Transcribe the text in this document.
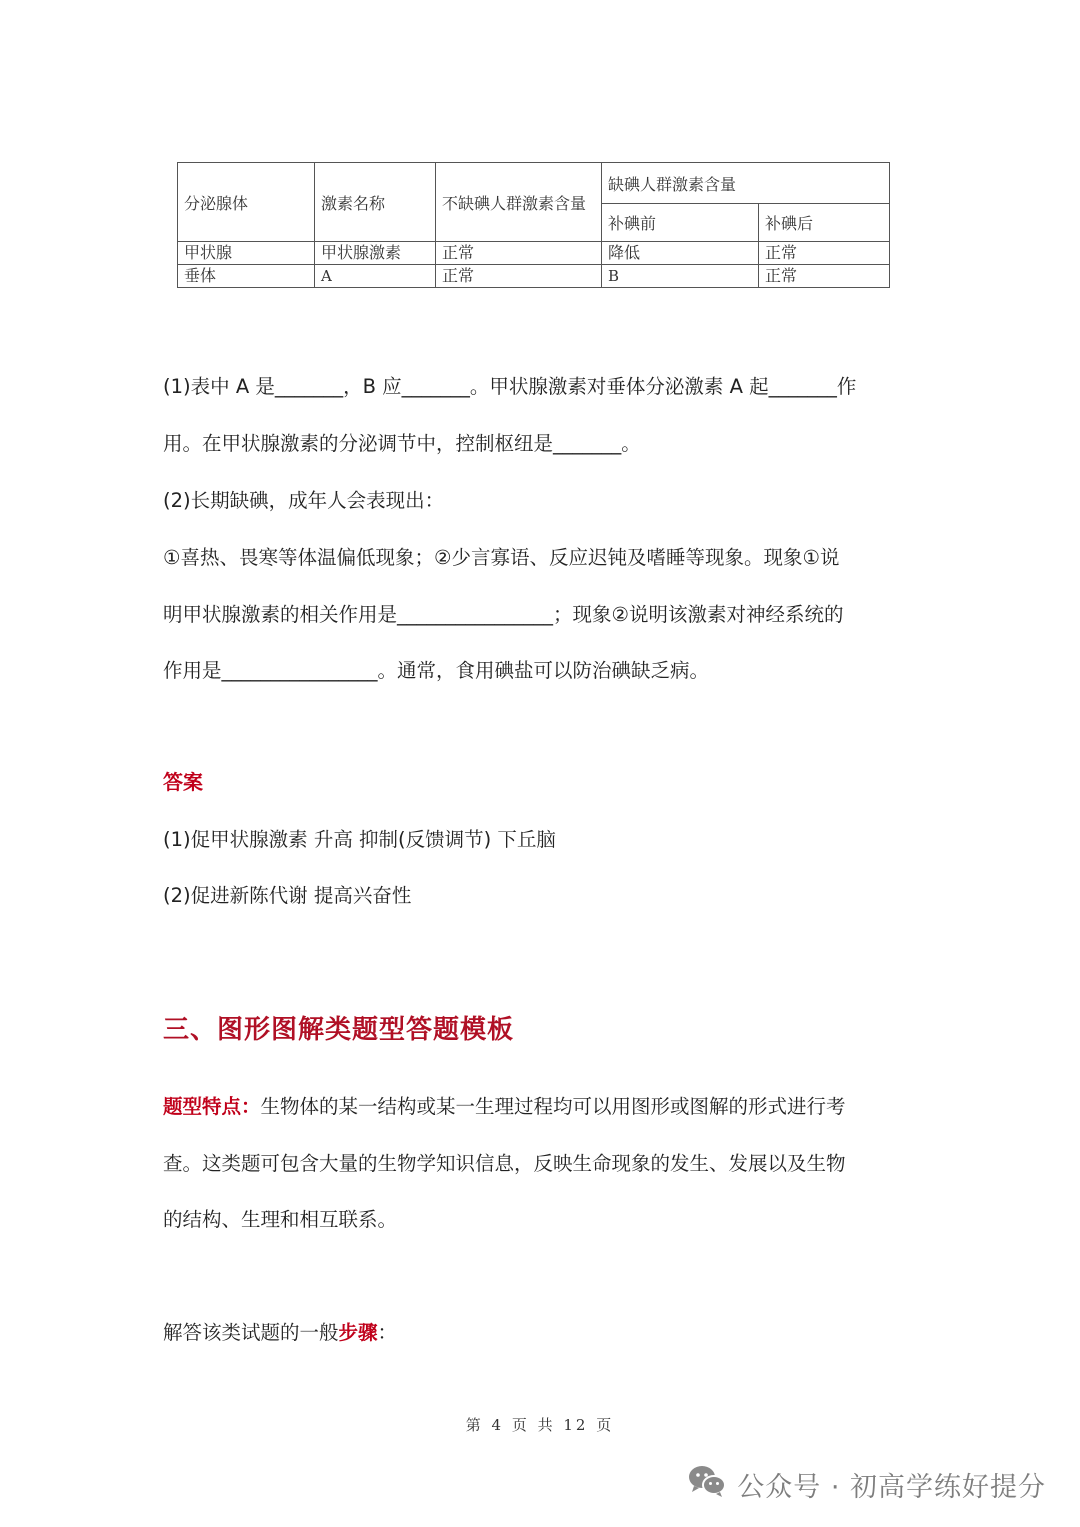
分泌腺体	激素名称	不缺碘人群激素含量	缺碘人群激素含量	
			补碘前	补碘后
甲状腺	甲状腺激素	正常	降低	正常
垂体	A	正常	B	正常

(1)表中 A 是_______，B 应_______。甲状腺激素对垂体分泌激素 A 起_______作

用。在甲状腺激素的分泌调节中，控制枢纽是_______。

(2)长期缺碘，成年人会表现出：

①喜热、畏寒等体温偏低现象；②少言寡语、反应迟钝及嗜睡等现象。现象①说

明甲状腺激素的相关作用是________________；现象②说明该激素对神经系统的

作用是________________。通常，食用碘盐可以防治碘缺乏病。

答案

(1)促甲状腺激素 升高 抑制(反馈调节) 下丘脑

(2)促进新陈代谢 提高兴奋性

三、图形图解类题型答题模板

题型特点：生物体的某一结构或某一生理过程均可以用图形或图解的形式进行考

查。这类题可包含大量的生物学知识信息，反映生命现象的发生、发展以及生物

的结构、生理和相互联系。

解答该类试题的一般步骤：

第 4 页 共 12 页
公众号 · 初高学练好提分
